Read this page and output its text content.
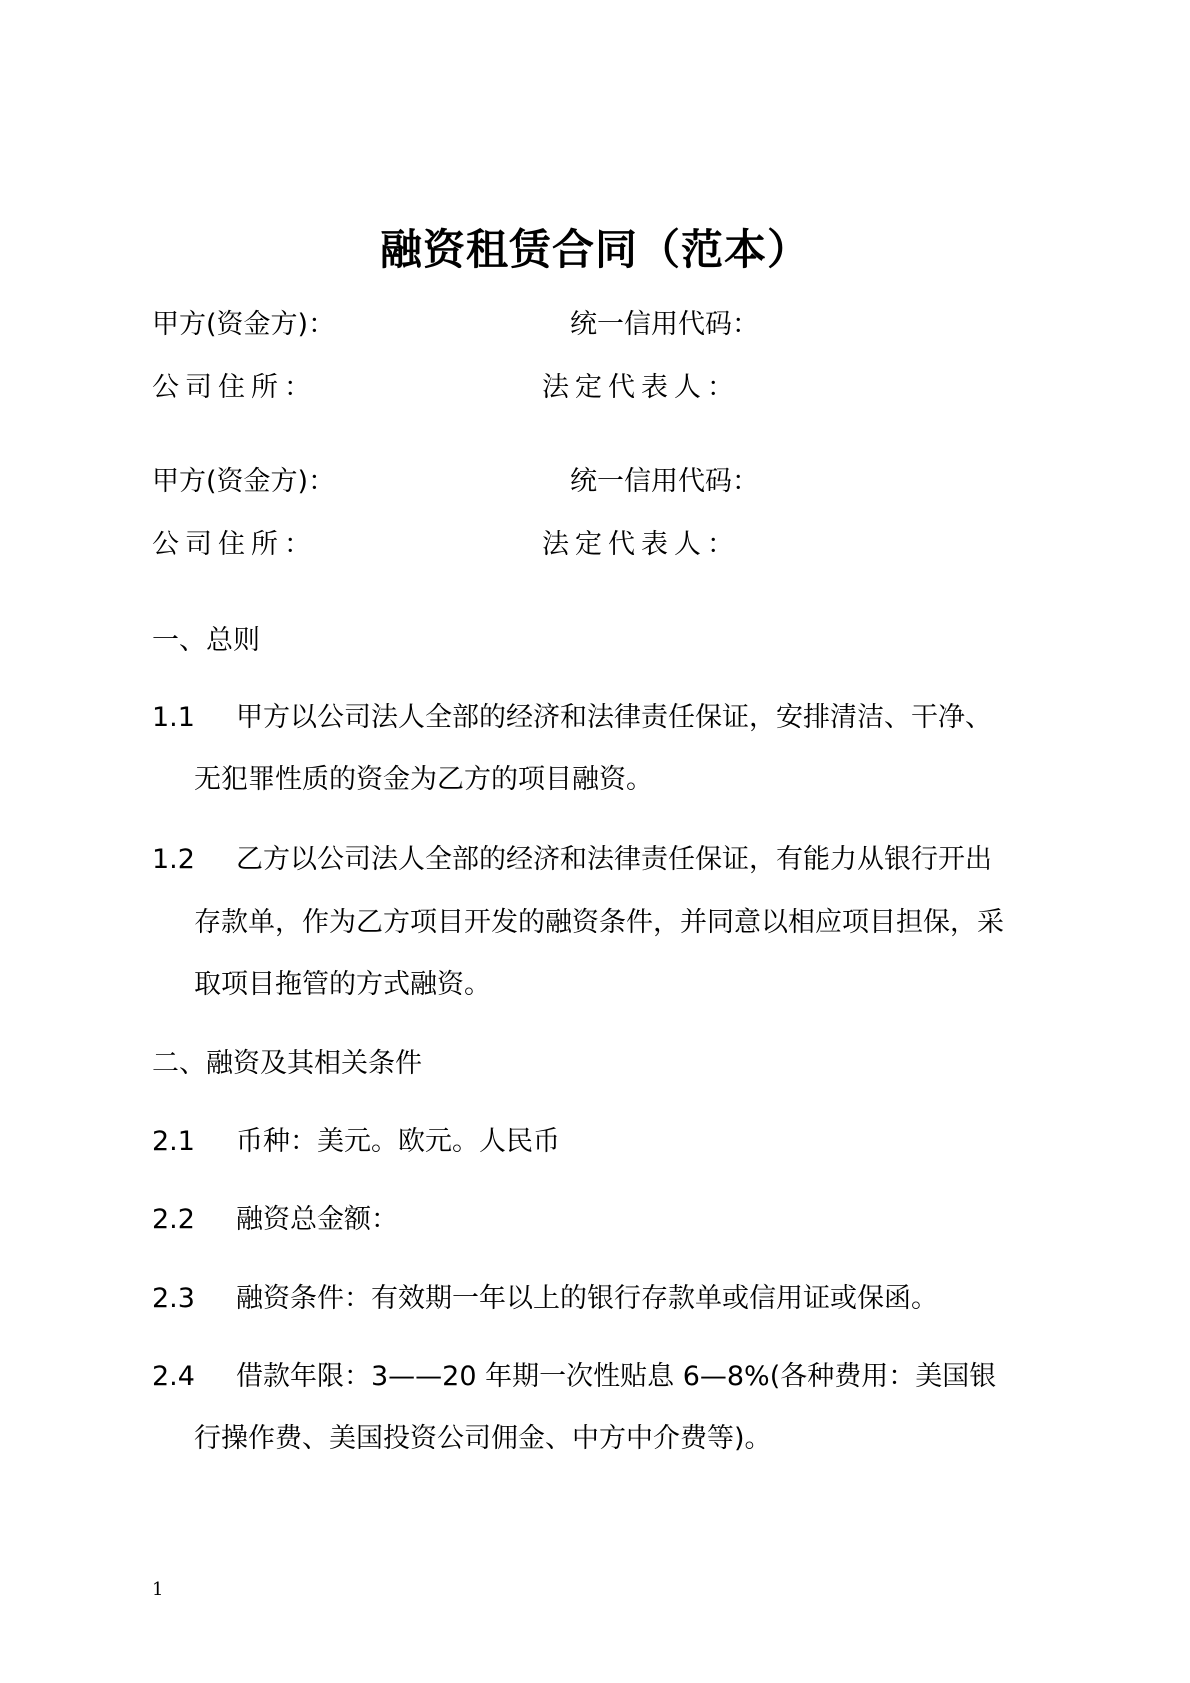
融资租赁合同（范本）
甲方(资金方)：	统一信用代码：
公司住所：	法定代表人：
甲方(资金方)：	统一信用代码：
公司住所：	法定代表人：
一、总则
1.1 甲方以公司法人全部的经济和法律责任保证，安排清洁、干净、
无犯罪性质的资金为乙方的项目融资。
1.2 乙方以公司法人全部的经济和法律责任保证，有能力从银行开出
存款单，作为乙方项目开发的融资条件，并同意以相应项目担保，采
取项目拖管的方式融资。
二、融资及其相关条件
2.1 币种：美元。欧元。人民币
2.2 融资总金额：
2.3 融资条件：有效期一年以上的银行存款单或信用证或保函。
2.4 借款年限：3——20 年期一次性贴息 6—8%(各种费用：美国银
行操作费、美国投资公司佣金、中方中介费等)。
1
